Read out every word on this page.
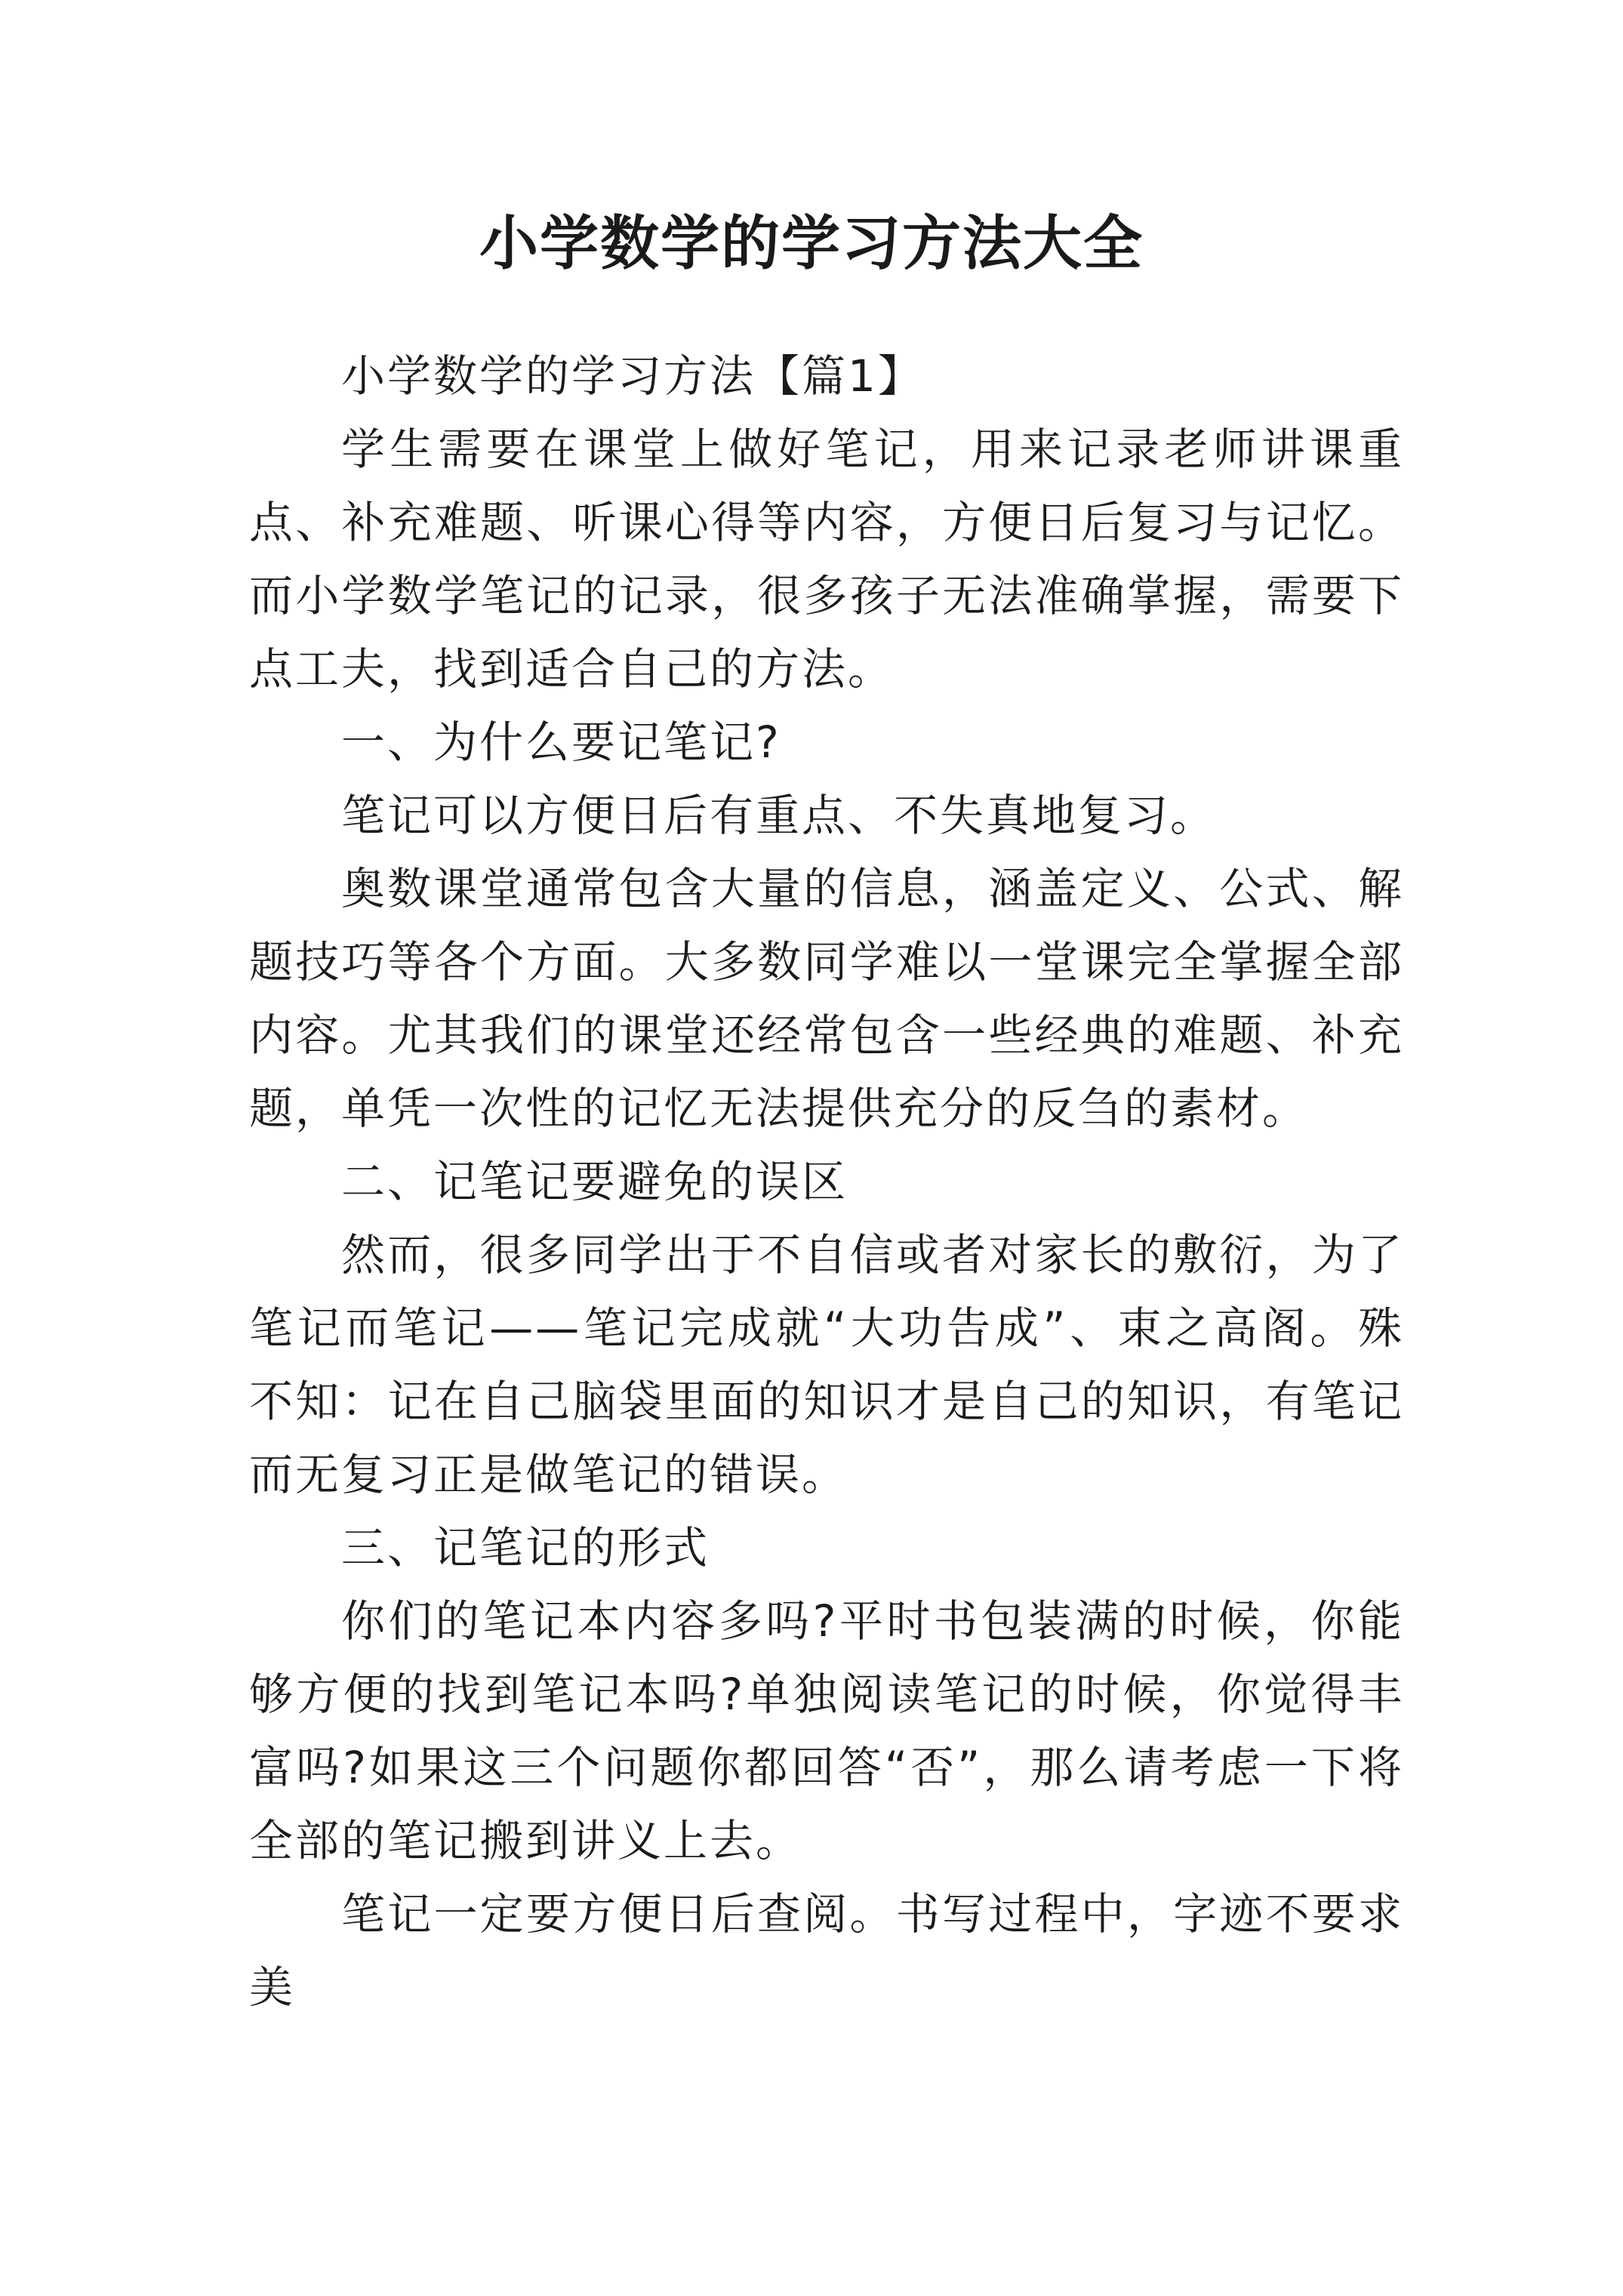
小学数学的学习方法大全

小学数学的学习方法【篇1】

学生需要在课堂上做好笔记，用来记录老师讲课重点、补充难题、听课心得等内容，方便日后复习与记忆。而小学数学笔记的记录，很多孩子无法准确掌握，需要下点工夫，找到适合自己的方法。

一、为什么要记笔记?

笔记可以方便日后有重点、不失真地复习。

奥数课堂通常包含大量的信息，涵盖定义、公式、解题技巧等各个方面。大多数同学难以一堂课完全掌握全部内容。尤其我们的课堂还经常包含一些经典的难题、补充题，单凭一次性的记忆无法提供充分的反刍的素材。

二、记笔记要避免的误区

然而，很多同学出于不自信或者对家长的敷衍，为了笔记而笔记——笔记完成就“大功告成”、束之高阁。殊不知：记在自己脑袋里面的知识才是自己的知识，有笔记而无复习正是做笔记的错误。

三、记笔记的形式

你们的笔记本内容多吗?平时书包装满的时候，你能够方便的找到笔记本吗?单独阅读笔记的时候，你觉得丰富吗?如果这三个问题你都回答“否”，那么请考虑一下将全部的笔记搬到讲义上去。

笔记一定要方便日后查阅。书写过程中，字迹不要求美
